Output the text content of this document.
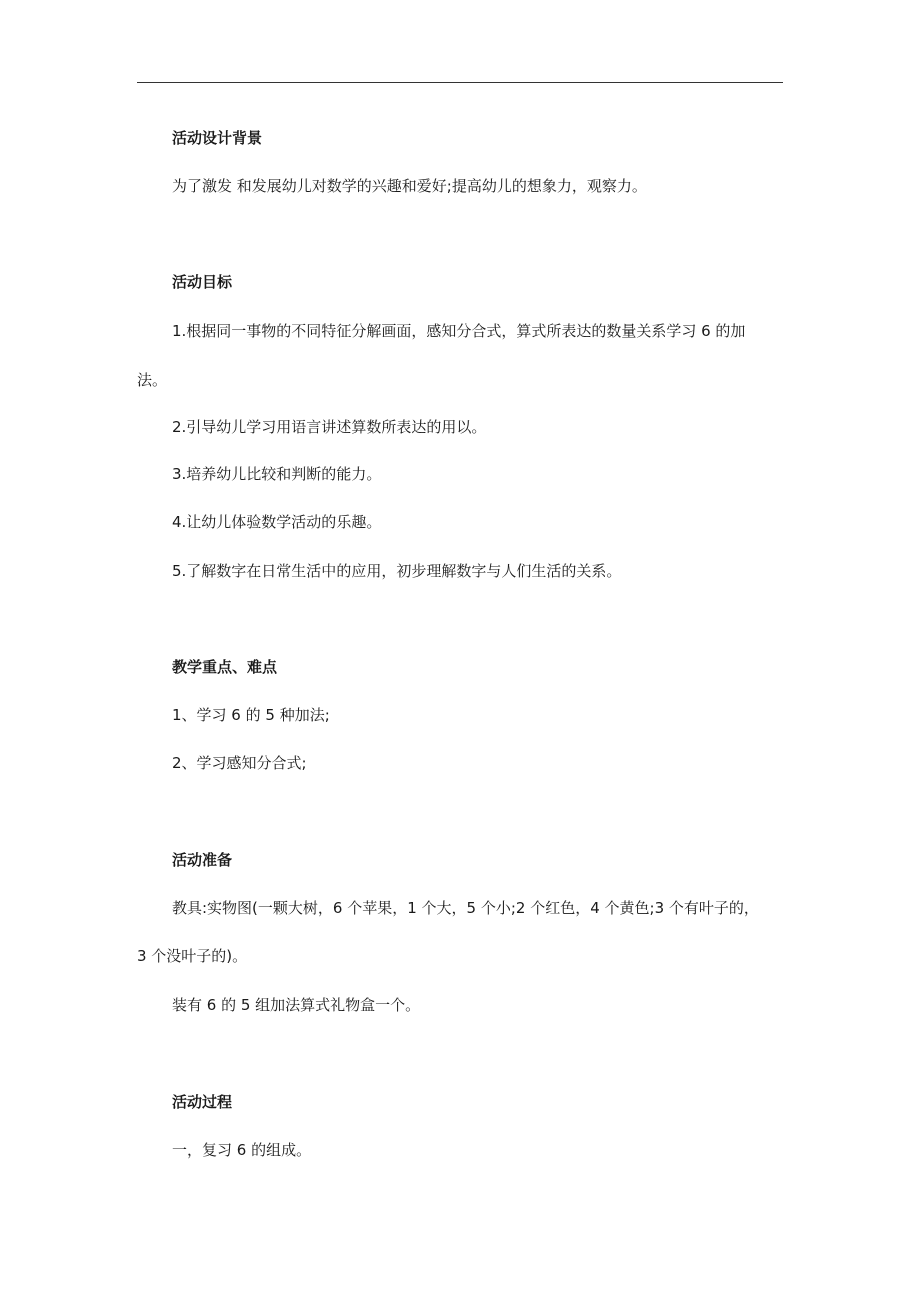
活动设计背景
为了激发 和发展幼儿对数学的兴趣和爱好;提高幼儿的想象力，观察力。
活动目标
1.根据同一事物的不同特征分解画面，感知分合式，算式所表达的数量关系学习 6 的加
法。
2.引导幼儿学习用语言讲述算数所表达的用以。
3.培养幼儿比较和判断的能力。
4.让幼儿体验数学活动的乐趣。
5.了解数字在日常生活中的应用，初步理解数字与人们生活的关系。
教学重点、难点
1、学习 6 的 5 种加法;
2、学习感知分合式;
活动准备
教具:实物图(一颗大树，6 个苹果，1 个大，5 个小;2 个红色，4 个黄色;3 个有叶子的，
3 个没叶子的)。
装有 6 的 5 组加法算式礼物盒一个。
活动过程
一，复习 6 的组成。
